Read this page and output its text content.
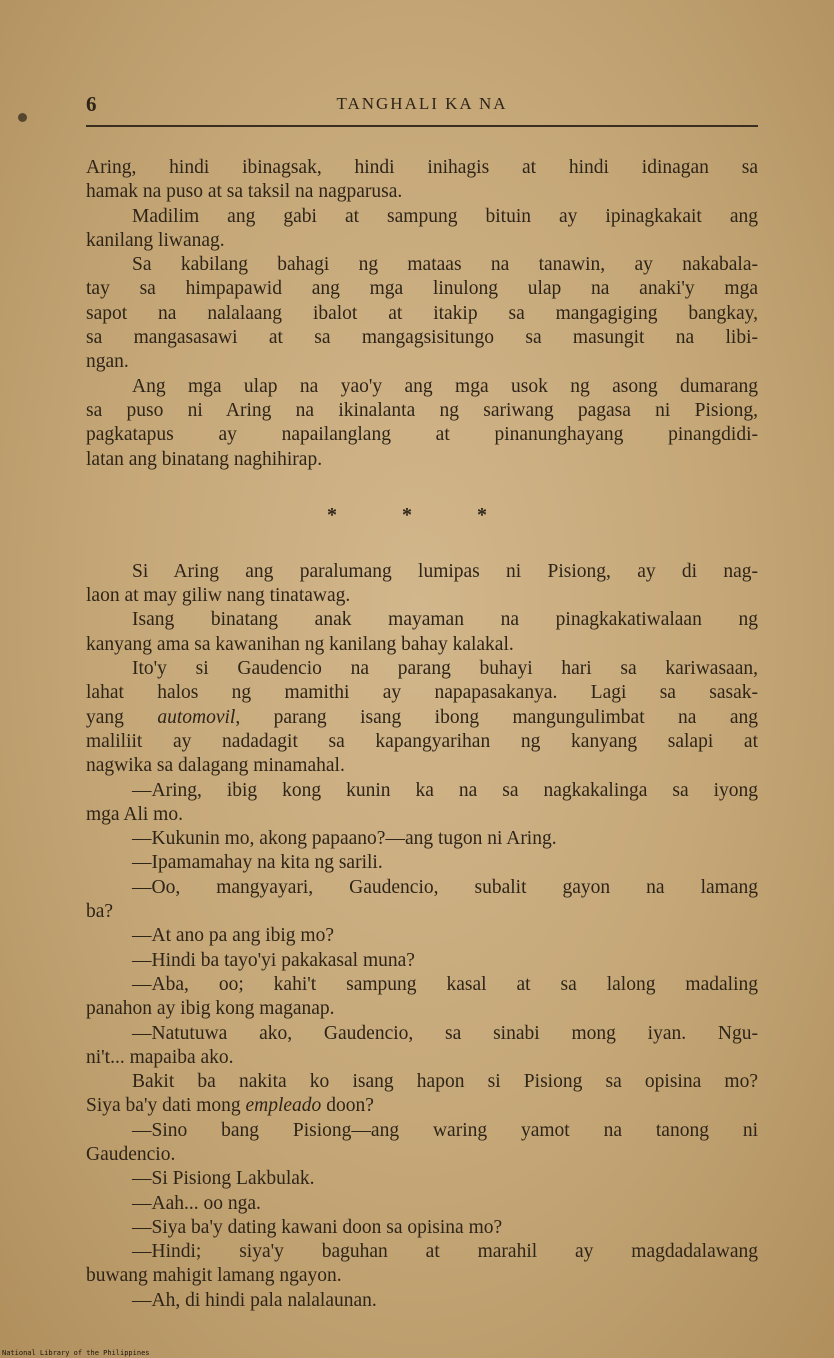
6	TANGHALI KA NA
Aring, hindi ibinagsak, hindi inihagis at hindi idinagan sa
hamak na puso at sa taksil na nagparusa.
Madilim ang gabi at sampung bituin ay ipinagkakait ang
kanilang liwanag.
Sa kabilang bahagi ng mataas na tanawin, ay nakabala-
tay sa himpapawid ang mga linulong ulap na anaki'y mga
sapot na nalalaang ibalot at itakip sa mangagiging bangkay,
sa mangasasawi at sa mangagsisitungo sa masungit na libi-
ngan.
Ang mga ulap na yao'y ang mga usok ng asong dumarang
sa puso ni Aring na ikinalanta ng sariwang pagasa ni Pisiong,
pagkatapus ay napailanglang at pinanunghayang pinangdidi-
latan ang binatang naghihirap.
* * *
Si Aring ang paralumang lumipas ni Pisiong, ay di nag-
laon at may giliw nang tinatawag.
Isang binatang anak mayaman na pinagkakatiwalaan ng
kanyang ama sa kawanihan ng kanilang bahay kalakal.
Ito'y si Gaudencio na parang buhayi hari sa kariwasaan,
lahat halos ng mamithi ay napapasakanya. Lagi sa sasak-
yang automovil, parang isang ibong mangungulimbat na ang
maliliit ay nadadagit sa kapangyarihan ng kanyang salapi at
nagwika sa dalagang minamahal.
—Aring, ibig kong kunin ka na sa nagkakalinga sa iyong
mga Ali mo.
—Kukunin mo, akong papaano?—ang tugon ni Aring.
—Ipamamahay na kita ng sarili.
—Oo, mangyayari, Gaudencio, subalit gayon na lamang
ba?
—At ano pa ang ibig mo?
—Hindi ba tayo'yi pakakasal muna?
—Aba, oo; kahi't sampung kasal at sa lalong madaling
panahon ay ibig kong maganap.
—Natutuwa ako, Gaudencio, sa sinabi mong iyan. Ngu-
ni't... mapaiba ako.
Bakit ba nakita ko isang hapon si Pisiong sa opisina mo?
Siya ba'y dati mong empleado doon?
—Sino bang Pisiong—ang waring yamot na tanong ni
Gaudencio.
—Si Pisiong Lakbulak.
—Aah... oo nga.
—Siya ba'y dating kawani doon sa opisina mo?
—Hindi; siya'y baguhan at marahil ay magdadalawang
buwang mahigit lamang ngayon.
—Ah, di hindi pala nalalaunan.
National Library of the Philippines
